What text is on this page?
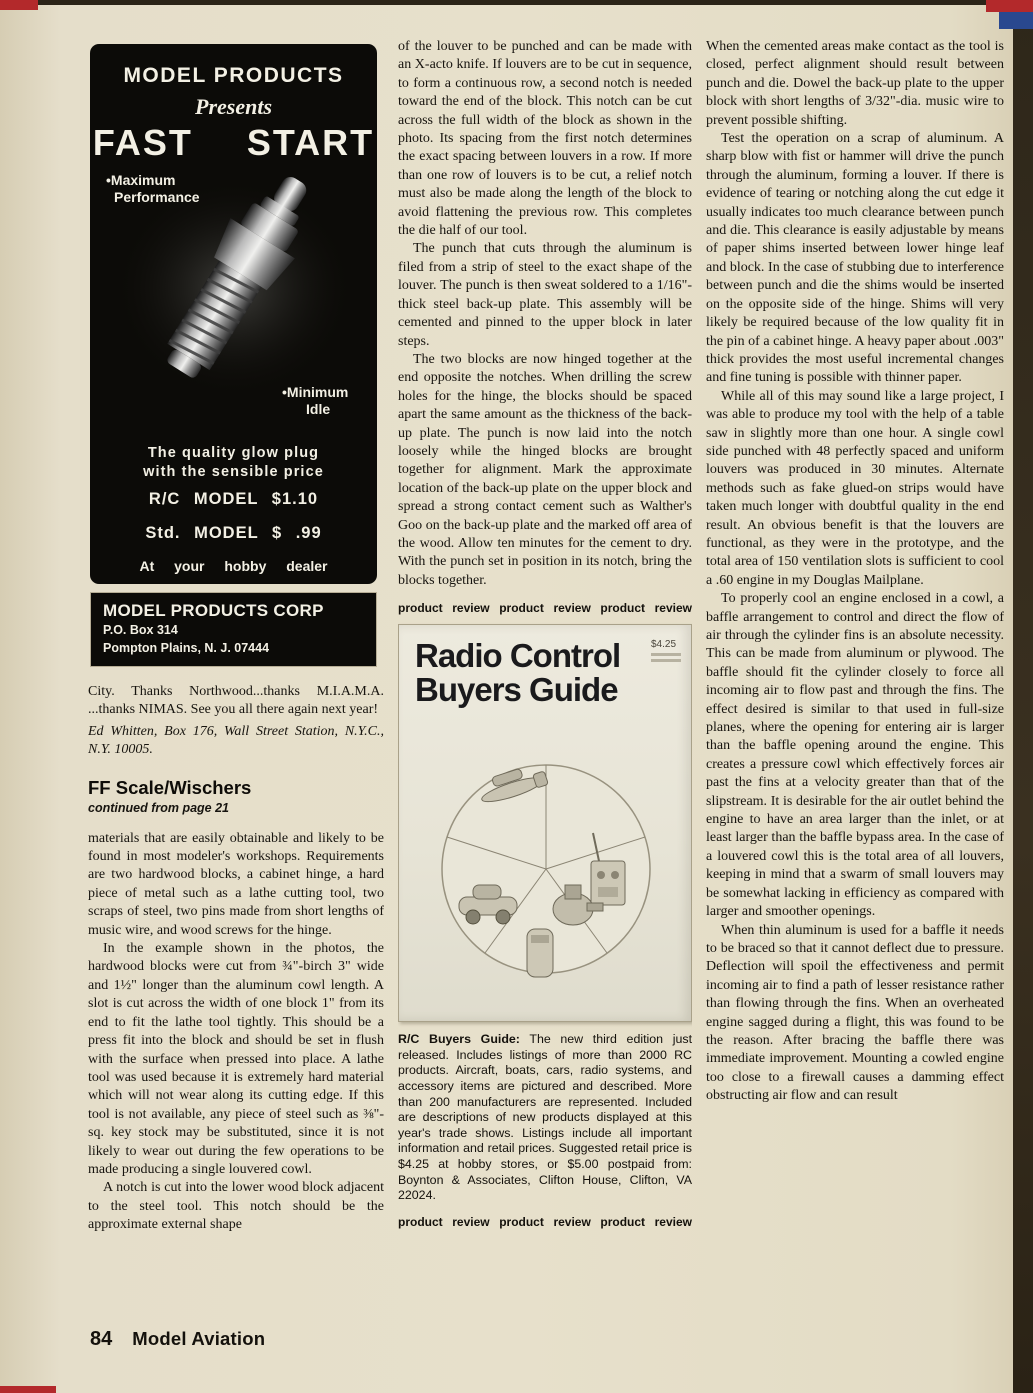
MODEL PRODUCTS
Presents
FAST START
•Maximum
Performance
•Minimum
Idle
The quality glow plug
with the sensible price
R/C MODEL $1.10
Std. MODEL $ .99
At your hobby dealer
MODEL PRODUCTS CORP
P.O. Box 314
Pompton Plains, N. J. 07444

City. Thanks Northwood...thanks M.I.A.M.A. ...thanks NIMAS. See you all there again next year!

Ed Whitten, Box 176, Wall Street Station, N.Y.C., N.Y. 10005.

FF Scale/Wischers
continued from page 21

materials that are easily obtainable and likely to be found in most modeler's workshops. Requirements are two hardwood blocks, a cabinet hinge, a hard piece of metal such as a lathe cutting tool, two scraps of steel, two pins made from short lengths of music wire, and wood screws for the hinge.

In the example shown in the photos, the hardwood blocks were cut from ¾"-birch 3" wide and 1½" longer than the aluminum cowl length. A slot is cut across the width of one block 1" from its end to fit the lathe tool tightly. This should be a press fit into the block and should be set in flush with the surface when pressed into place. A lathe tool was used because it is extremely hard material which will not wear along its cutting edge. If this tool is not available, any piece of steel such as ⅜"-sq. key stock may be substituted, since it is not likely to wear out during the few operations to be made producing a single louvered cowl.

A notch is cut into the lower wood block adjacent to the steel tool. This notch should be the approximate external shape

of the louver to be punched and can be made with an X-acto knife. If louvers are to be cut in sequence, to form a continuous row, a second notch is needed toward the end of the block. This notch can be cut across the full width of the block as shown in the photo. Its spacing from the first notch determines the exact spacing between louvers in a row. If more than one row of louvers is to be cut, a relief notch must also be made along the length of the block to avoid flattening the previous row. This completes the die half of our tool.

The punch that cuts through the aluminum is filed from a strip of steel to the exact shape of the louver. The punch is then sweat soldered to a 1/16"-thick steel back-up plate. This assembly will be cemented and pinned to the upper block in later steps.

The two blocks are now hinged together at the end opposite the notches. When drilling the screw holes for the hinge, the blocks should be spaced apart the same amount as the thickness of the back-up plate. The punch is now laid into the notch loosely while the hinged blocks are brought together for alignment. Mark the approximate location of the back-up plate on the upper block and spread a strong contact cement such as Walther's Goo on the back-up plate and the marked off area of the wood. Allow ten minutes for the cement to dry. With the punch set in position in its notch, bring the blocks together.

product review product review product review
Radio Control
Buyers Guide
$4.25

R/C Buyers Guide: The new third edition just released. Includes listings of more than 2000 RC products. Aircraft, boats, cars, radio systems, and accessory items are pictured and described. More than 200 manufacturers are represented. Included are descriptions of new products displayed at this year's trade shows. Listings include all important information and retail prices. Suggested retail price is $4.25 at hobby stores, or $5.00 postpaid from: Boynton & Associates, Clifton House, Clifton, VA 22024.

product review product review product review

When the cemented areas make contact as the tool is closed, perfect alignment should result between punch and die. Dowel the back-up plate to the upper block with short lengths of 3/32"-dia. music wire to prevent possible shifting.

Test the operation on a scrap of aluminum. A sharp blow with fist or hammer will drive the punch through the aluminum, forming a louver. If there is evidence of tearing or notching along the cut edge it usually indicates too much clearance between punch and die. This clearance is easily adjustable by means of paper shims inserted between lower hinge leaf and block. In the case of stubbing due to interference between punch and die the shims would be inserted on the opposite side of the hinge. Shims will very likely be required because of the low quality fit in the pin of a cabinet hinge. A heavy paper about .003" thick provides the most useful incremental changes and fine tuning is possible with thinner paper.

While all of this may sound like a large project, I was able to produce my tool with the help of a table saw in slightly more than one hour. A single cowl side punched with 48 perfectly spaced and uniform louvers was produced in 30 minutes. Alternate methods such as fake glued-on strips would have taken much longer with doubtful quality in the end result. An obvious benefit is that the louvers are functional, as they were in the prototype, and the total area of 150 ventilation slots is sufficient to cool a .60 engine in my Douglas Mailplane.

To properly cool an engine enclosed in a cowl, a baffle arrangement to control and direct the flow of air through the cylinder fins is an absolute necessity. This can be made from aluminum or plywood. The baffle should fit the cylinder closely to force all incoming air to flow past and through the fins. The effect desired is similar to that used in full-size planes, where the opening for entering air is larger than the baffle opening around the engine. This creates a pressure cowl which effectively forces air past the fins at a velocity greater than that of the slipstream. It is desirable for the air outlet behind the engine to have an area larger than the inlet, or at least larger than the baffle bypass area. In the case of a louvered cowl this is the total area of all louvers, keeping in mind that a swarm of small louvers may be somewhat lacking in efficiency as compared with larger and smoother openings.

When thin aluminum is used for a baffle it needs to be braced so that it cannot deflect due to pressure. Deflection will spoil the effectiveness and permit incoming air to find a path of lesser resistance rather than flowing through the fins. When an overheated engine sagged during a flight, this was found to be the reason. After bracing the baffle there was immediate improvement. Mounting a cowled engine too close to a firewall causes a damming effect obstructing air flow and can result

84 Model Aviation
